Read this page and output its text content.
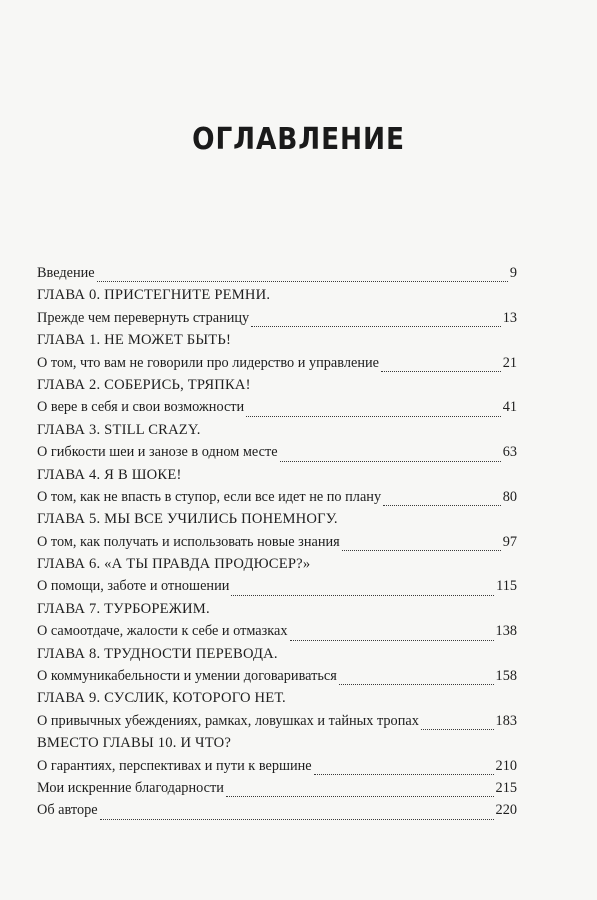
ОГЛАВЛЕНИЕ
Введение	9
ГЛАВА 0. ПРИСТЕГНИТЕ РЕМНИ.
Прежде чем перевернуть страницу	13
ГЛАВА 1. НЕ МОЖЕТ БЫТЬ!
О том, что вам не говорили про лидерство и управление	21
ГЛАВА 2. СОБЕРИСЬ, ТРЯПКА!
О вере в себя и свои возможности	41
ГЛАВА 3. STILL CRAZY.
О гибкости шеи и занозе в одном месте	63
ГЛАВА 4. Я В ШОКЕ!
О том, как не впасть в ступор, если все идет не по плану	80
ГЛАВА 5. МЫ ВСЕ УЧИЛИСЬ ПОНЕМНОГУ.
О том, как получать и использовать новые знания	97
ГЛАВА 6. «А ТЫ ПРАВДА ПРОДЮСЕР?»
О помощи, заботе и отношении	115
ГЛАВА 7. ТУРБОРЕЖИМ.
О самоотдаче, жалости к себе и отмазках	138
ГЛАВА 8. ТРУДНОСТИ ПЕРЕВОДА.
О коммуникабельности и умении договариваться	158
ГЛАВА 9. СУСЛИК, КОТОРОГО НЕТ.
О привычных убеждениях, рамках, ловушках и тайных тропах	183
ВМЕСТО ГЛАВЫ 10. И ЧТО?
О гарантиях, перспективах и пути к вершине	210
Мои искренние благодарности	215
Об авторе	220
